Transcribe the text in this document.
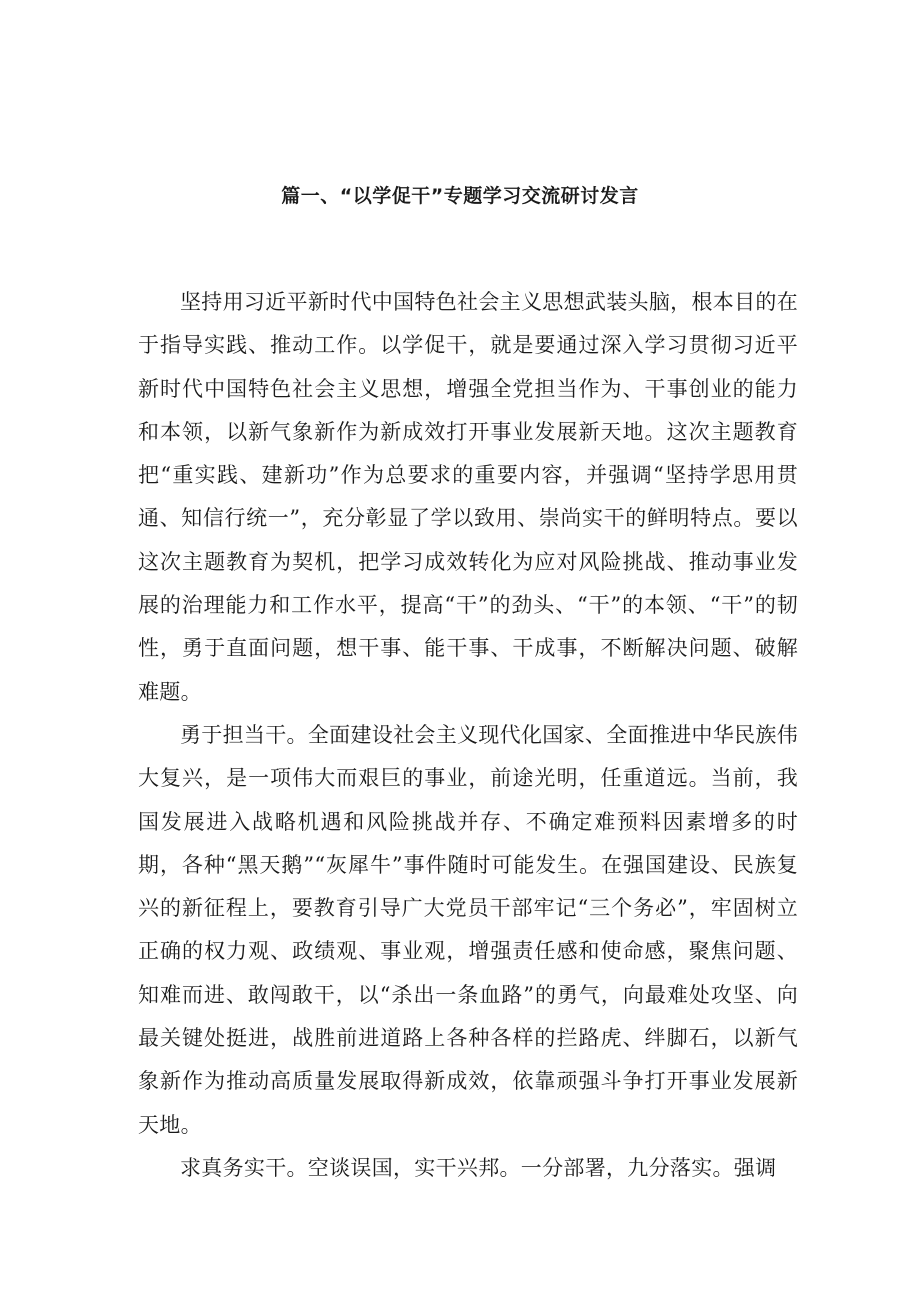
篇一、“以学促干”专题学习交流研讨发言

坚持用习近平新时代中国特色社会主义思想武装头脑，根本目的在于指导实践、推动工作。以学促干，就是要通过深入学习贯彻习近平新时代中国特色社会主义思想，增强全党担当作为、干事创业的能力和本领，以新气象新作为新成效打开事业发展新天地。这次主题教育把“重实践、建新功”作为总要求的重要内容，并强调“坚持学思用贯通、知信行统一”，充分彰显了学以致用、崇尚实干的鲜明特点。要以这次主题教育为契机，把学习成效转化为应对风险挑战、推动事业发展的治理能力和工作水平，提高“干”的劲头、“干”的本领、“干”的韧性，勇于直面问题，想干事、能干事、干成事，不断解决问题、破解难题。

勇于担当干。全面建设社会主义现代化国家、全面推进中华民族伟大复兴，是一项伟大而艰巨的事业，前途光明，任重道远。当前，我国发展进入战略机遇和风险挑战并存、不确定难预料因素增多的时期，各种“黑天鹅”“灰犀牛”事件随时可能发生。在强国建设、民族复兴的新征程上，要教育引导广大党员干部牢记“三个务必”，牢固树立正确的权力观、政绩观、事业观，增强责任感和使命感，聚焦问题、知难而进、敢闯敢干，以“杀出一条血路”的勇气，向最难处攻坚、向最关键处挺进，战胜前进道路上各种各样的拦路虎、绊脚石，以新气象新作为推动高质量发展取得新成效，依靠顽强斗争打开事业发展新天地。

求真务实干。空谈误国，实干兴邦。一分部署，九分落实。强调
